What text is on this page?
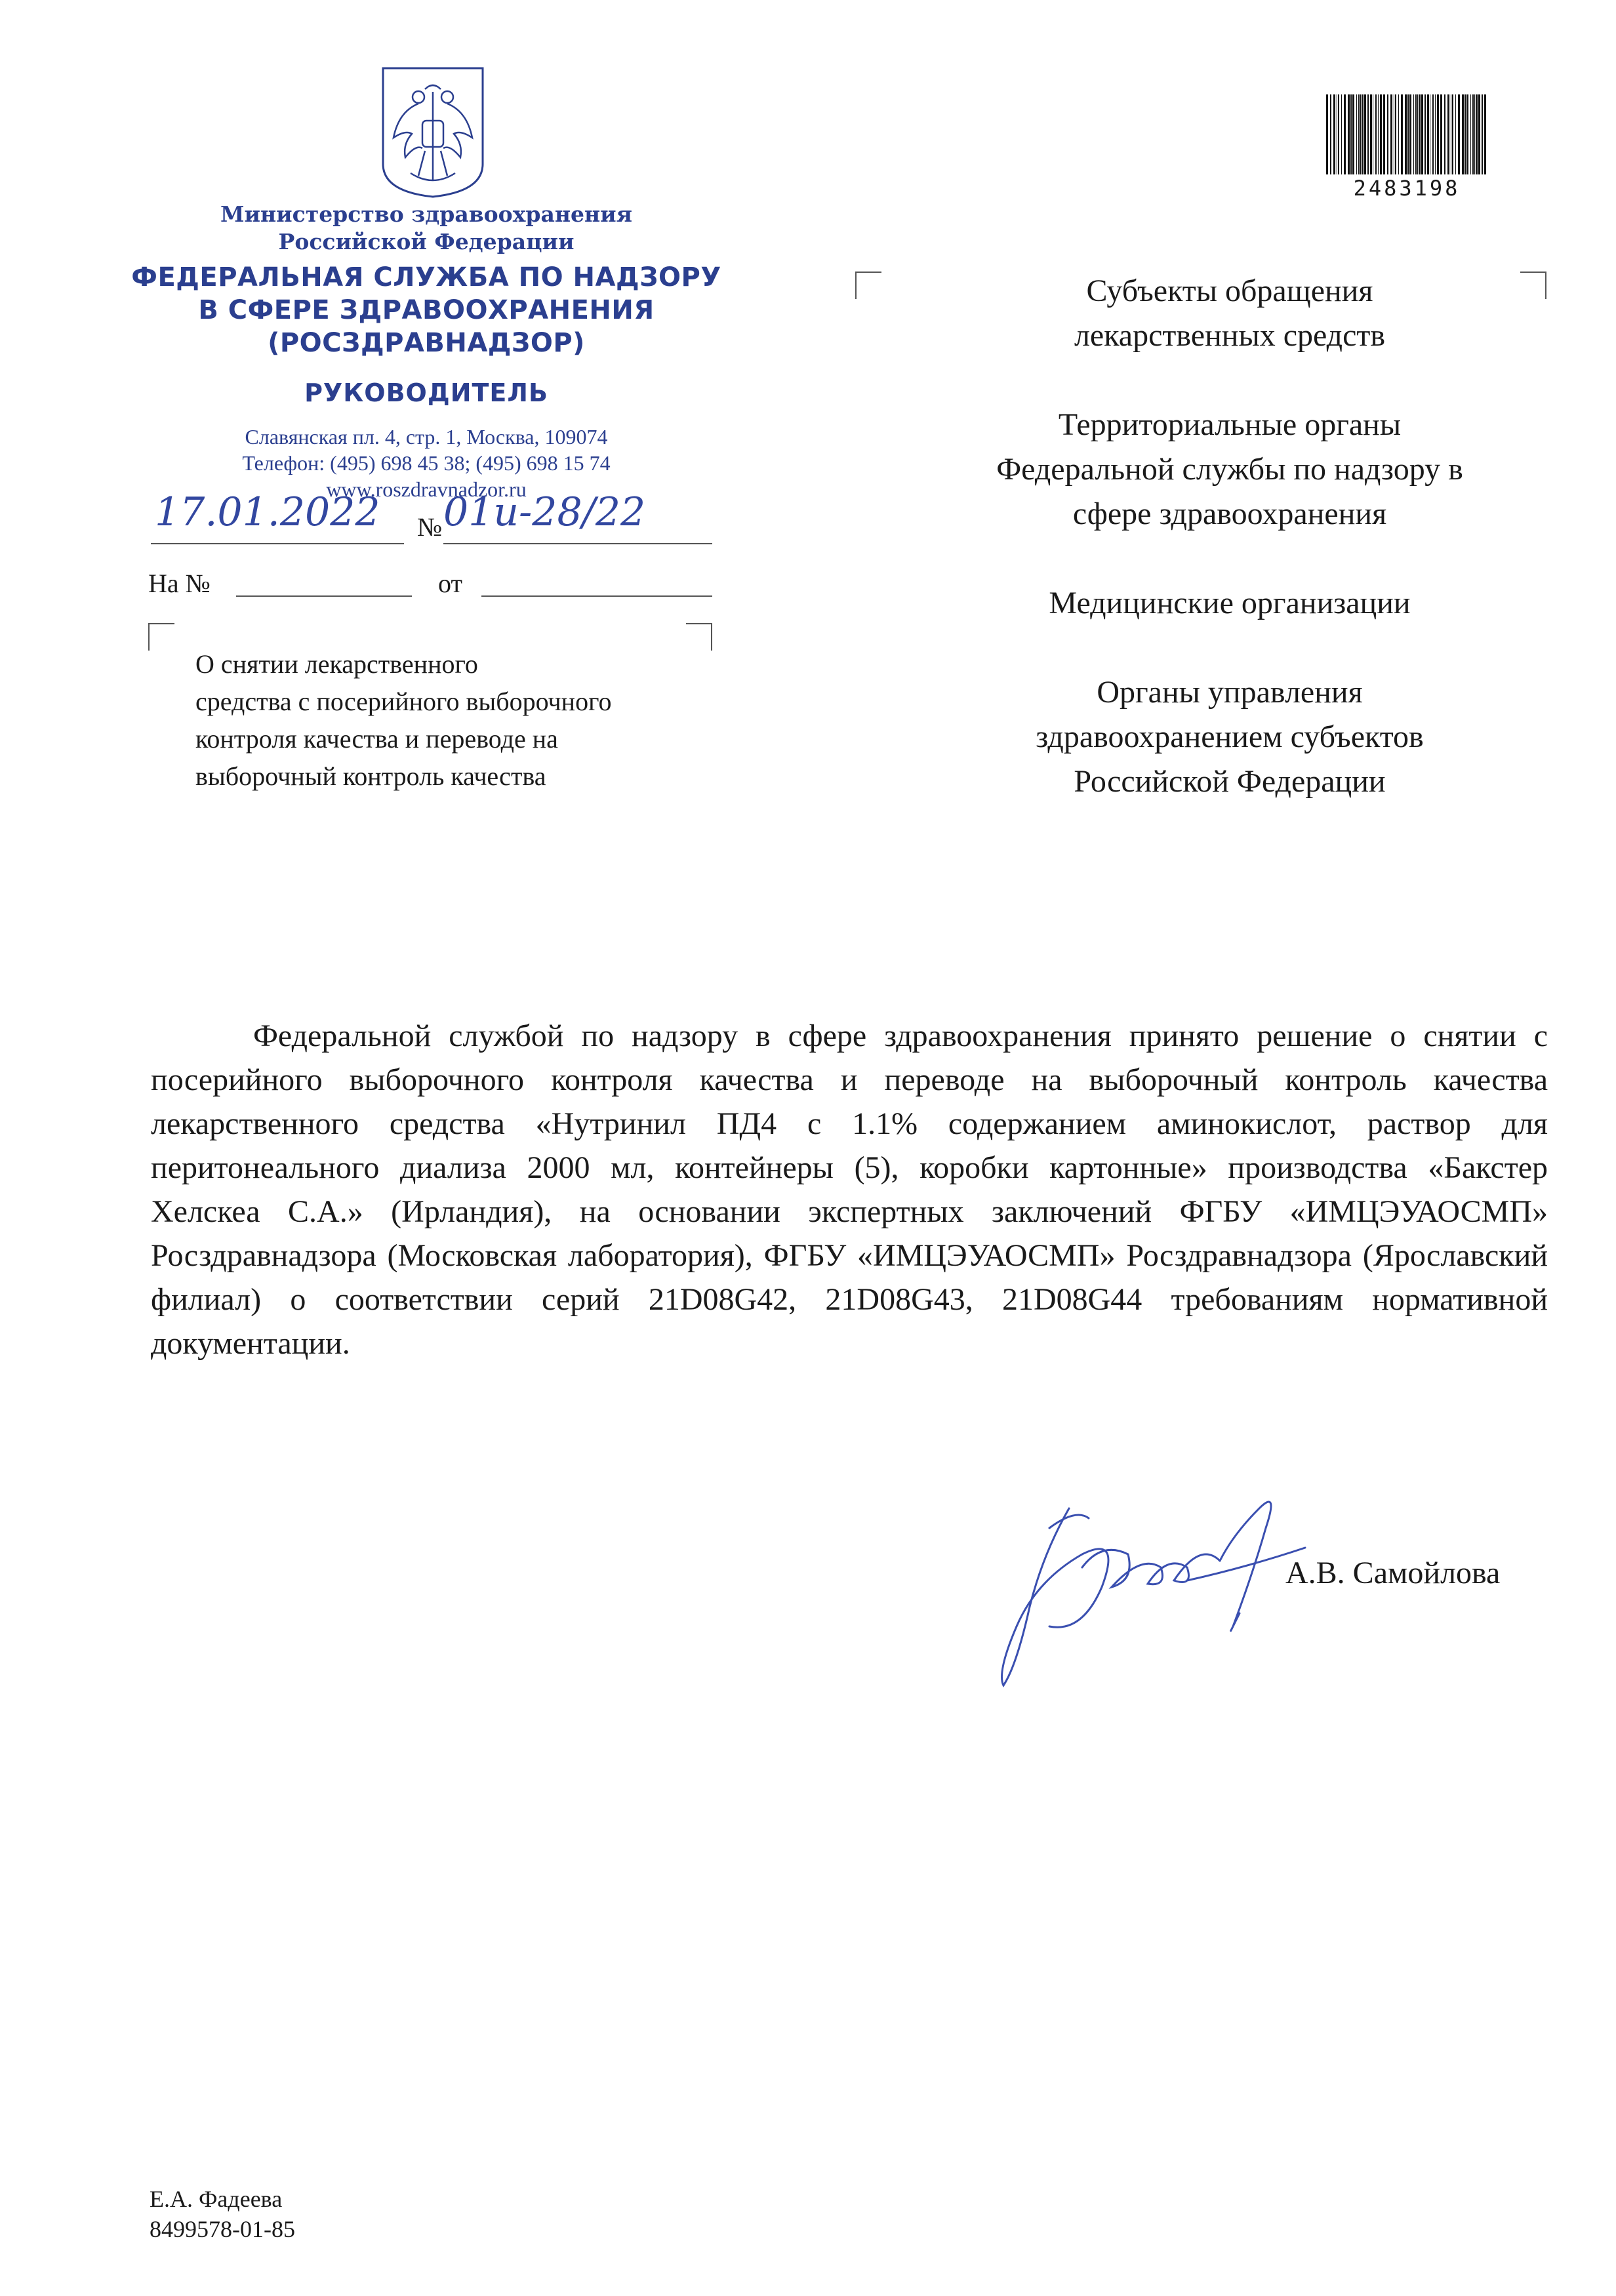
Министерство здравоохранения
Российской Федерации
ФЕДЕРАЛЬНАЯ СЛУЖБА ПО НАДЗОРУ
В СФЕРЕ ЗДРАВООХРАНЕНИЯ
(РОСЗДРАВНАДЗОР)
РУКОВОДИТЕЛЬ
Славянская пл. 4, стр. 1, Москва, 109074
Телефон: (495) 698 45 38; (495) 698 15 74
www.roszdravnadzor.ru
17.01.2022 № 01и-28/22
На №	от
О снятии лекарственного
средства с посерийного выборочного
контроля качества и переводе на
выборочный контроль качества
2483198
Субъекты обращения
лекарственных средств
Территориальные органы
Федеральной службы по надзору в
сфере здравоохранения
Медицинские организации
Органы управления
здравоохранением субъектов
Российской Федерации
Федеральной службой по надзору в сфере здравоохранения принято решение о снятии с посерийного выборочного контроля качества и переводе на выборочный контроль качества лекарственного средства «Нутринил ПД4 с 1.1% содержанием аминокислот, раствор для перитонеального диализа 2000 мл, контейнеры (5), коробки картонные» производства «Бакстер Хелскеа С.А.» (Ирландия), на основании экспертных заключений ФГБУ «ИМЦЭУАОСМП» Росздравнадзора (Московская лаборатория), ФГБУ «ИМЦЭУАОСМП» Росздравнадзора (Ярославский филиал) о соответствии серий 21D08G42, 21D08G43, 21D08G44 требованиям нормативной документации.
А.В. Самойлова
Е.А. Фадеева
8499578-01-85
